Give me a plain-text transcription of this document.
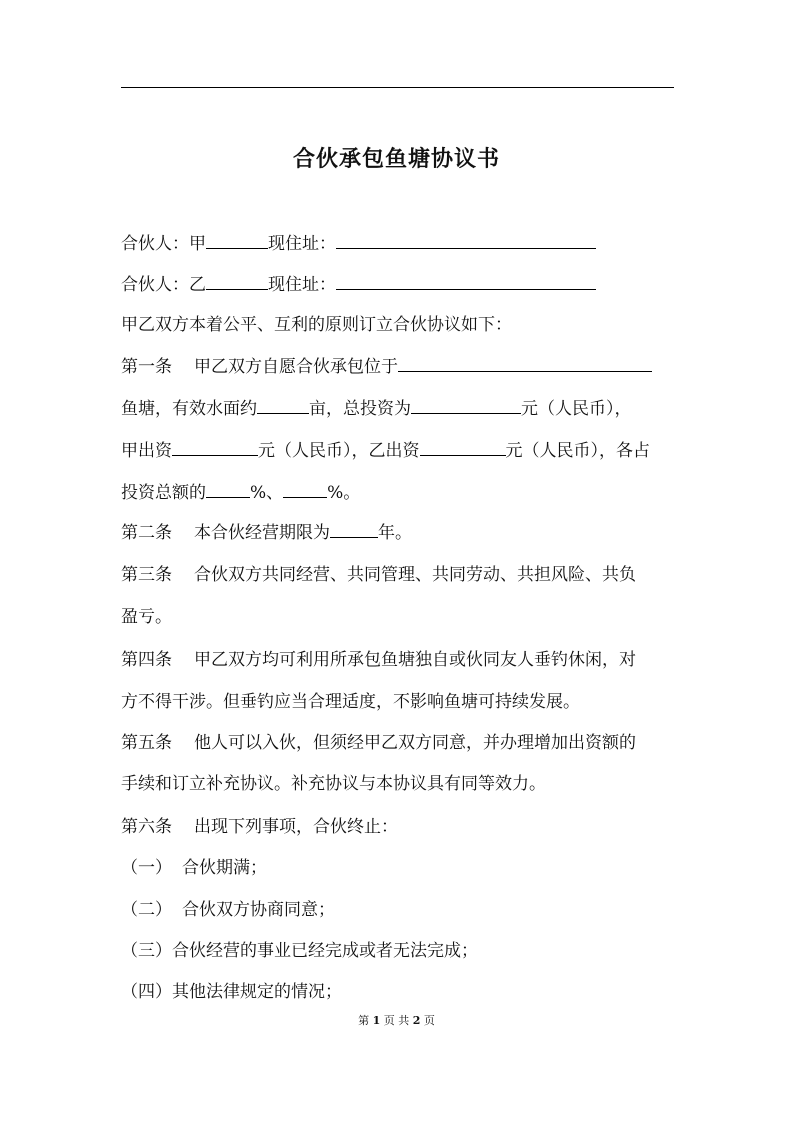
合伙承包鱼塘协议书
合伙人：甲	现住址：
合伙人：乙	现住址：
甲乙双方本着公平、互利的原则订立合伙协议如下：
第一条 甲乙双方自愿合伙承包位于
鱼塘，有效水面约	亩，总投资为	元（人民币），
甲出资	元（人民币），乙出资	元（人民币），各占
投资总额的	%、	%。
第二条 本合伙经营期限为	年。
第三条 合伙双方共同经营、共同管理、共同劳动、共担风险、共负
盈亏。
第四条 甲乙双方均可利用所承包鱼塘独自或伙同友人垂钓休闲，对
方不得干涉。但垂钓应当合理适度，不影响鱼塘可持续发展。
第五条 他人可以入伙，但须经甲乙双方同意，并办理增加出资额的
手续和订立补充协议。补充协议与本协议具有同等效力。
第六条 出现下列事项，合伙终止：
（一） 合伙期满；
（二） 合伙双方协商同意；
（三）合伙经营的事业已经完成或者无法完成；
（四）其他法律规定的情况；
第 1 页 共 2 页
